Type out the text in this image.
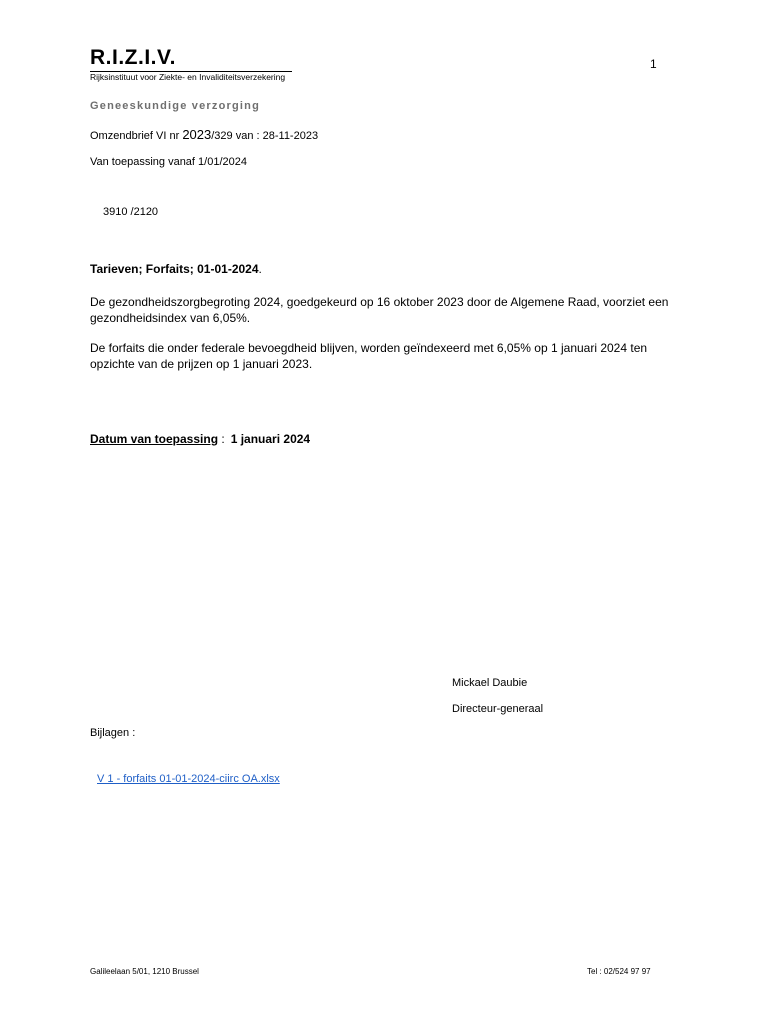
R.I.Z.I.V.
Rijksinstituut voor Ziekte- en Invaliditeitsverzekering
1
Geneeskundige verzorging
Omzendbrief VI nr 2023/329 van : 28-11-2023
Van toepassing vanaf 1/01/2024
3910 /2120
Tarieven; Forfaits; 01-01-2024.
De gezondheidszorgbegroting 2024, goedgekeurd op 16 oktober 2023 door de Algemene Raad, voorziet een gezondheidsindex van 6,05%.
De forfaits die onder federale bevoegdheid blijven, worden geïndexeerd met 6,05% op 1 januari 2024 ten opzichte van de prijzen op 1 januari 2023.
Datum van toepassing : 1 januari 2024
Mickael Daubie
Directeur-generaal
Bijlagen :
V 1 - forfaits 01-01-2024-ciirc OA.xlsx
Galileelaan 5/01, 1210 Brussel	Tel : 02/524 97 97
